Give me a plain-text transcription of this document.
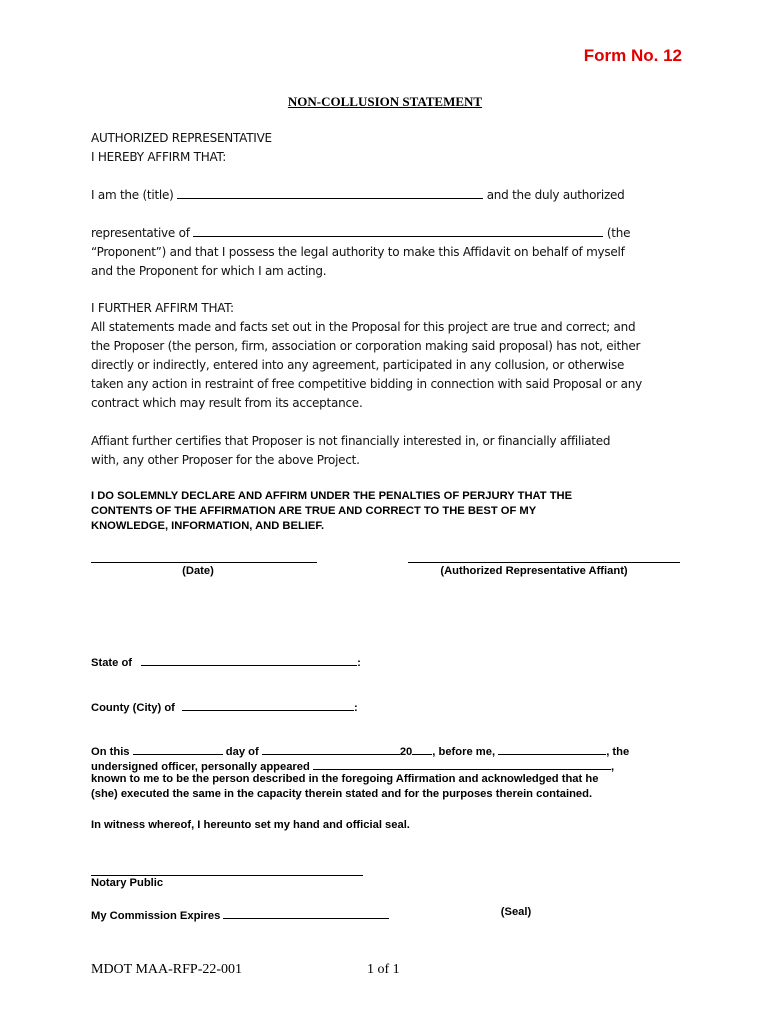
Form No. 12
NON-COLLUSION STATEMENT
AUTHORIZED REPRESENTATIVE
I HEREBY AFFIRM THAT:
I am the (title)	and the duly authorized
representative of	(the
“Proponent”) and that I possess the legal authority to make this Affidavit on behalf of myself
and the Proponent for which I am acting.
I FURTHER AFFIRM THAT:
All statements made and facts set out in the Proposal for this project are true and correct; and
the Proposer (the person, firm, association or corporation making said proposal) has not, either
directly or indirectly, entered into any agreement, participated in any collusion, or otherwise
taken any action in restraint of free competitive bidding in connection with said Proposal or any
contract which may result from its acceptance.
Affiant further certifies that Proposer is not financially interested in, or financially affiliated
with, any other Proposer for the above Project.
I DO SOLEMNLY DECLARE AND AFFIRM UNDER THE PENALTIES OF PERJURY THAT THE
CONTENTS OF THE AFFIRMATION ARE TRUE AND CORRECT TO THE BEST OF MY
KNOWLEDGE, INFORMATION, AND BELIEF.
(Date)	(Authorized Representative Affiant)
State of	:
County (City) of	:
On this	day of	20 , before me,	, the
undersigned officer, personally appeared	,
known to me to be the person described in the foregoing Affirmation and acknowledged that he
(she) executed the same in the capacity therein stated and for the purposes therein contained.
In witness whereof, I hereunto set my hand and official seal.
Notary Public
My Commission Expires	(Seal)
MDOT MAA-RFP-22-001	1 of 1
